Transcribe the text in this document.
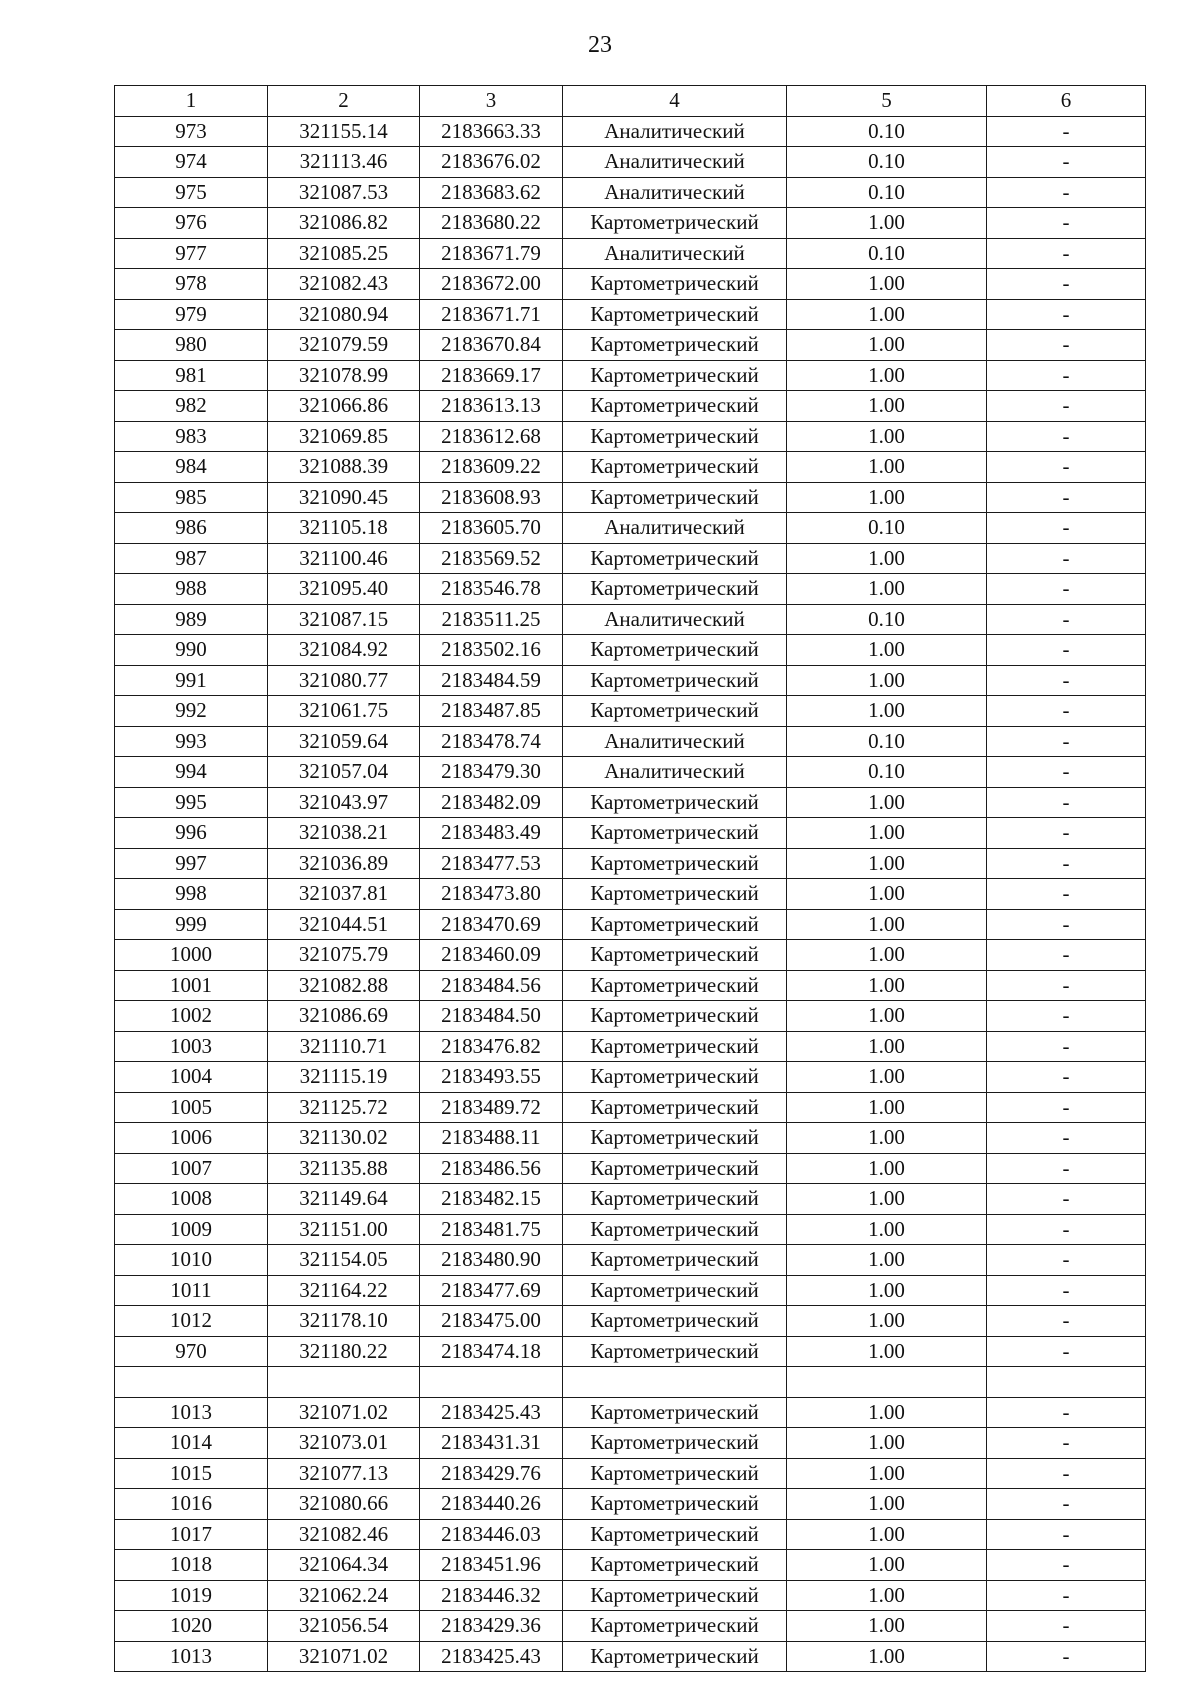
23
1	2	3	4	5	6
973	321155.14	2183663.33	Аналитический	0.10	-
974	321113.46	2183676.02	Аналитический	0.10	-
975	321087.53	2183683.62	Аналитический	0.10	-
976	321086.82	2183680.22	Картометрический	1.00	-
977	321085.25	2183671.79	Аналитический	0.10	-
978	321082.43	2183672.00	Картометрический	1.00	-
979	321080.94	2183671.71	Картометрический	1.00	-
980	321079.59	2183670.84	Картометрический	1.00	-
981	321078.99	2183669.17	Картометрический	1.00	-
982	321066.86	2183613.13	Картометрический	1.00	-
983	321069.85	2183612.68	Картометрический	1.00	-
984	321088.39	2183609.22	Картометрический	1.00	-
985	321090.45	2183608.93	Картометрический	1.00	-
986	321105.18	2183605.70	Аналитический	0.10	-
987	321100.46	2183569.52	Картометрический	1.00	-
988	321095.40	2183546.78	Картометрический	1.00	-
989	321087.15	2183511.25	Аналитический	0.10	-
990	321084.92	2183502.16	Картометрический	1.00	-
991	321080.77	2183484.59	Картометрический	1.00	-
992	321061.75	2183487.85	Картометрический	1.00	-
993	321059.64	2183478.74	Аналитический	0.10	-
994	321057.04	2183479.30	Аналитический	0.10	-
995	321043.97	2183482.09	Картометрический	1.00	-
996	321038.21	2183483.49	Картометрический	1.00	-
997	321036.89	2183477.53	Картометрический	1.00	-
998	321037.81	2183473.80	Картометрический	1.00	-
999	321044.51	2183470.69	Картометрический	1.00	-
1000	321075.79	2183460.09	Картометрический	1.00	-
1001	321082.88	2183484.56	Картометрический	1.00	-
1002	321086.69	2183484.50	Картометрический	1.00	-
1003	321110.71	2183476.82	Картометрический	1.00	-
1004	321115.19	2183493.55	Картометрический	1.00	-
1005	321125.72	2183489.72	Картометрический	1.00	-
1006	321130.02	2183488.11	Картометрический	1.00	-
1007	321135.88	2183486.56	Картометрический	1.00	-
1008	321149.64	2183482.15	Картометрический	1.00	-
1009	321151.00	2183481.75	Картометрический	1.00	-
1010	321154.05	2183480.90	Картометрический	1.00	-
1011	321164.22	2183477.69	Картометрический	1.00	-
1012	321178.10	2183475.00	Картометрический	1.00	-
970	321180.22	2183474.18	Картометрический	1.00	-

1013	321071.02	2183425.43	Картометрический	1.00	-
1014	321073.01	2183431.31	Картометрический	1.00	-
1015	321077.13	2183429.76	Картометрический	1.00	-
1016	321080.66	2183440.26	Картометрический	1.00	-
1017	321082.46	2183446.03	Картометрический	1.00	-
1018	321064.34	2183451.96	Картометрический	1.00	-
1019	321062.24	2183446.32	Картометрический	1.00	-
1020	321056.54	2183429.36	Картометрический	1.00	-
1013	321071.02	2183425.43	Картометрический	1.00	-
